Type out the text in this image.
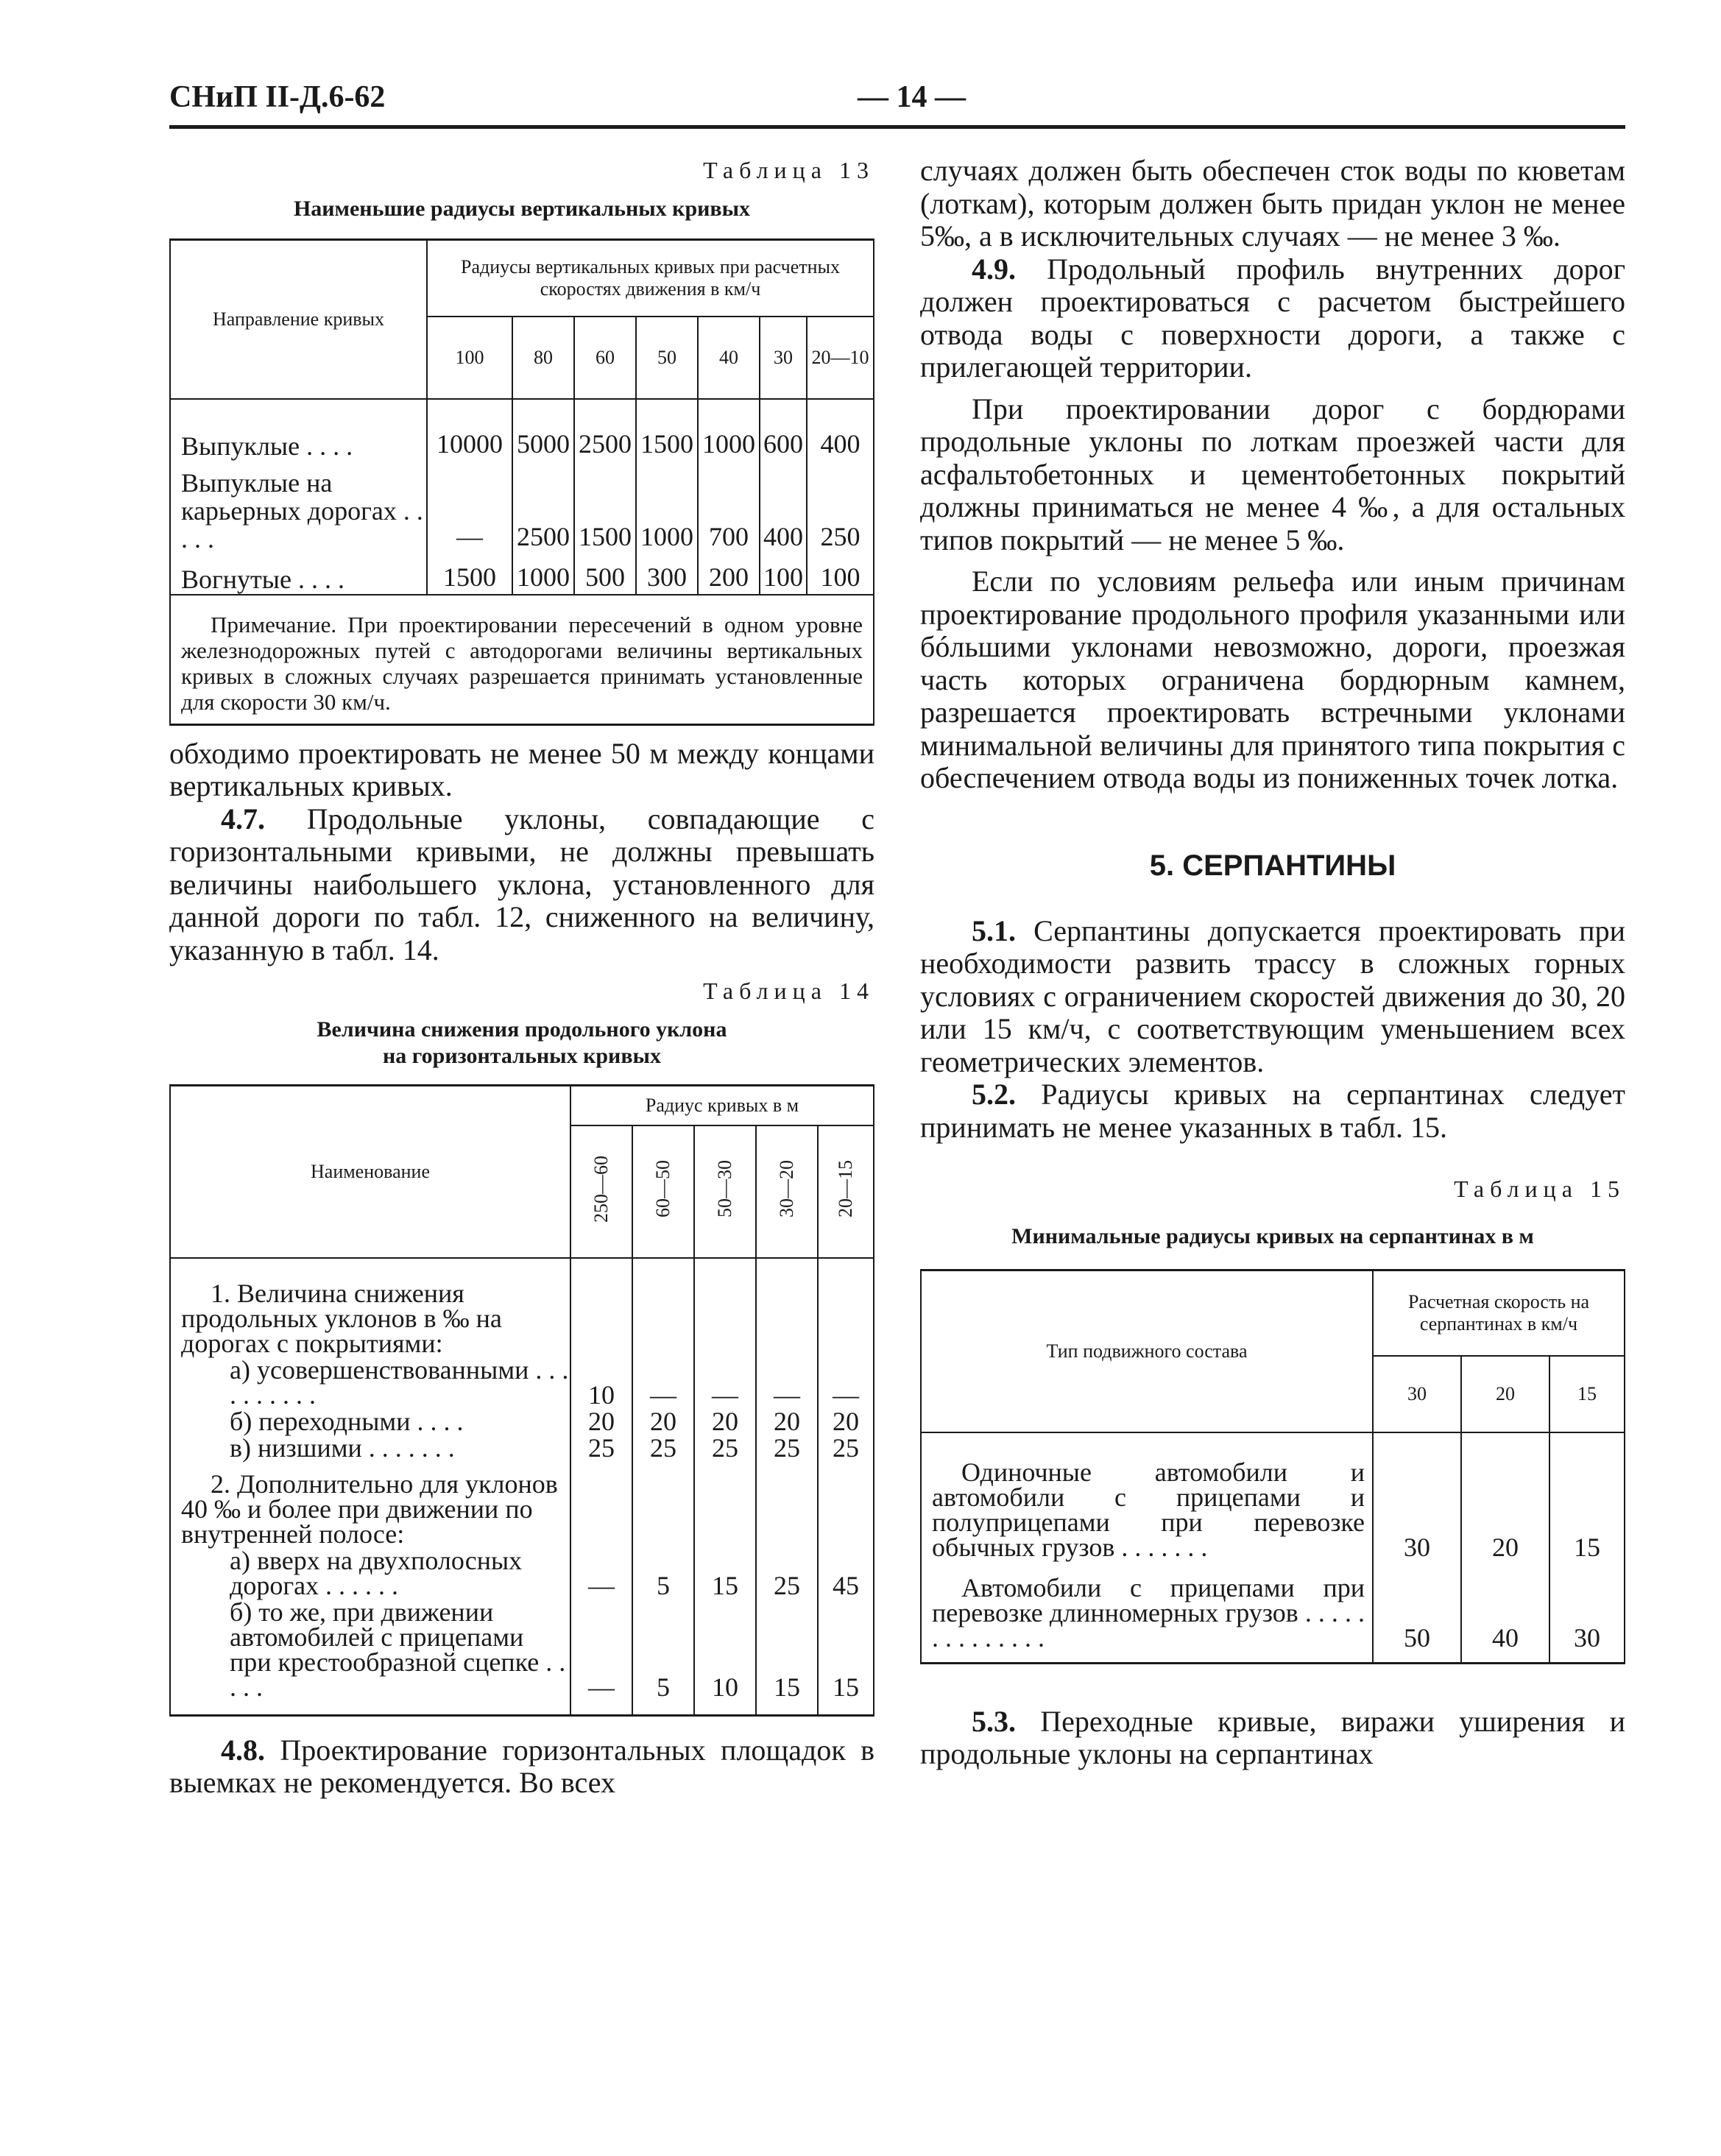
СНиП II-Д.6-62	— 14 —

Таблица 13

Наименьшие радиусы вертикальных кривых

Направление кривых	Радиусы вертикальных кривых при расчетных скоростях движения в км/ч						
	100	80	60	50	40	30	20—10
Выпуклые . . . .	10000	5000	2500	1500	1000	600	400
Выпуклые на карьерных дорогах . . . . .	—	2500	1500	1000	700	400	250
Вогнутые . . . .	1500	1000	500	300	200	100	100

Примечание. При проектировании пересечений в одном уровне железнодорожных путей с автодорогами величины вертикальных кривых в сложных случаях разрешается принимать установленные для скорости 30 км/ч.							

обходимо проектировать не менее 50 м между концами вертикальных кривых.

4.7. Продольные уклоны, совпадающие с горизонтальными кривыми, не должны превышать величины наибольшего уклона, установленного для данной дороги по табл. 12, сниженного на величину, указанную в табл. 14.

Таблица 14

Величина снижения продольного уклона

на горизонтальных кривых

Наименование	Радиус кривых в м				
	250—60	60—50	50—30	30—20	20—15
1. Величина снижения продольных уклонов в ‰ на дорогах с покрытиями:					
а) усовершенствованными . . . . . . . . . .	10	—	—	—	—
б) переходными . . . .	20	20	20	20	20
в) низшими . . . . . . .	25	25	25	25	25
2. Дополнительно для уклонов 40 ‰ и более при движении по внутренней полосе:					
а) вверх на двухполосных дорогах . . . . . .	—	5	15	25	45
б) то же, при движении автомобилей с прицепами при крестообразной сцепке . . . . .	—	5	10	15	15

4.8. Проектирование горизонтальных площадок в выемках не рекомендуется. Во всех

случаях должен быть обеспечен сток воды по кюветам (лоткам), которым должен быть придан уклон не менее 5‰, а в исключительных случаях — не менее 3 ‰.

4.9. Продольный профиль внутренних дорог должен проектироваться с расчетом быстрейшего отвода воды с поверхности дороги, а также с прилегающей территории.

При проектировании дорог с бордюрами продольные уклоны по лоткам проезжей части для асфальтобетонных и цементобетонных покрытий должны приниматься не менее 4 ‰, а для остальных типов покрытий — не менее 5 ‰.

Если по условиям рельефа или иным причинам проектирование продольного профиля указанными или бóльшими уклонами невозможно, дороги, проезжая часть которых ограничена бордюрным камнем, разрешается проектировать встречными уклонами минимальной величины для принятого типа покрытия с обеспечением отвода воды из пониженных точек лотка.

5. СЕРПАНТИНЫ

5.1. Серпантины допускается проектировать при необходимости развить трассу в сложных горных условиях с ограничением скоростей движения до 30, 20 или 15 км/ч, с соответствующим уменьшением всех геометрических элементов.

5.2. Радиусы кривых на серпантинах следует принимать не менее указанных в табл. 15.

Таблица 15

Минимальные радиусы кривых на серпантинах в м

Тип подвижного состава	Расчетная скорость на серпантинах в км/ч		
	30	20	15
Одиночные автомобили и автомобили с прицепами и полуприцепами при перевозке обычных грузов . . . . . . .	30	20	15
Автомобили с прицепами при перевозке длинномерных грузов . . . . . . . . . . . . . .	50	40	30

5.3. Переходные кривые, виражи уширения и продольные уклоны на серпантинах
